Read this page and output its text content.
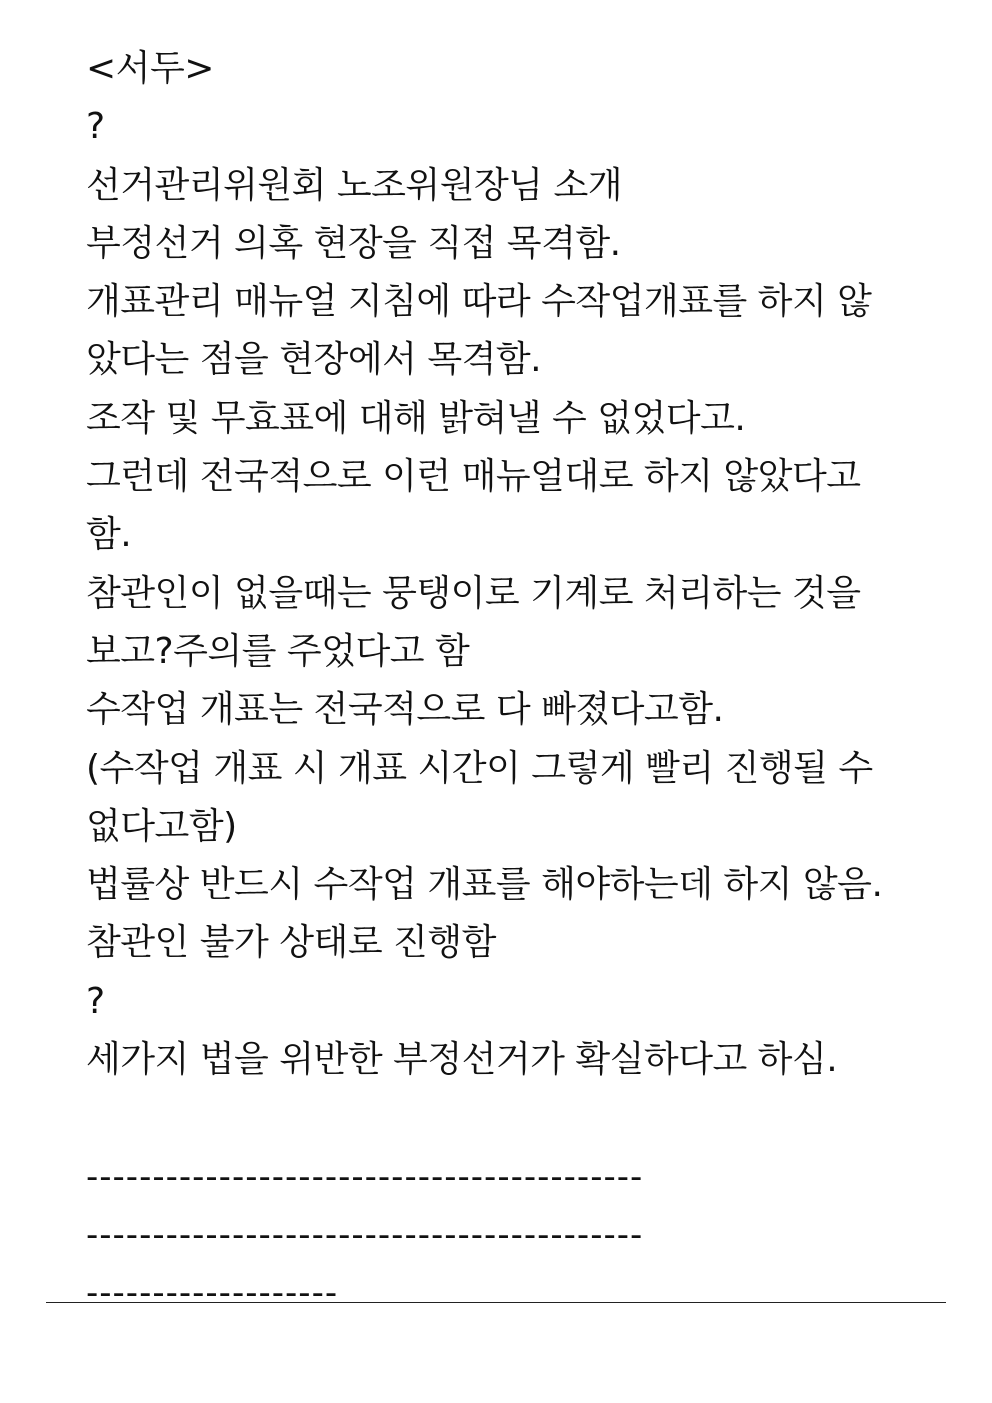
<서두>
?
선거관리위원회 노조위원장님 소개
부정선거 의혹 현장을 직접 목격함.
개표관리 매뉴얼 지침에 따라 수작업개표를 하지 않
았다는 점을 현장에서 목격함.
조작 및 무효표에 대해 밝혀낼 수 없었다고.
그런데 전국적으로 이런 매뉴얼대로 하지 않았다고
함.
참관인이 없을때는 뭉탱이로 기계로 처리하는 것을
보고?주의를 주었다고 함
수작업 개표는 전국적으로 다 빠졌다고함.
(수작업 개표 시 개표 시간이 그렇게 빨리 진행될 수
없다고함)
법률상 반드시 수작업 개표를 해야하는데 하지 않음.
참관인 불가 상태로 진행함
?
세가지 법을 위반한 부정선거가 확실하다고 하심.
------------------------------------------
------------------------------------------
-------------------
